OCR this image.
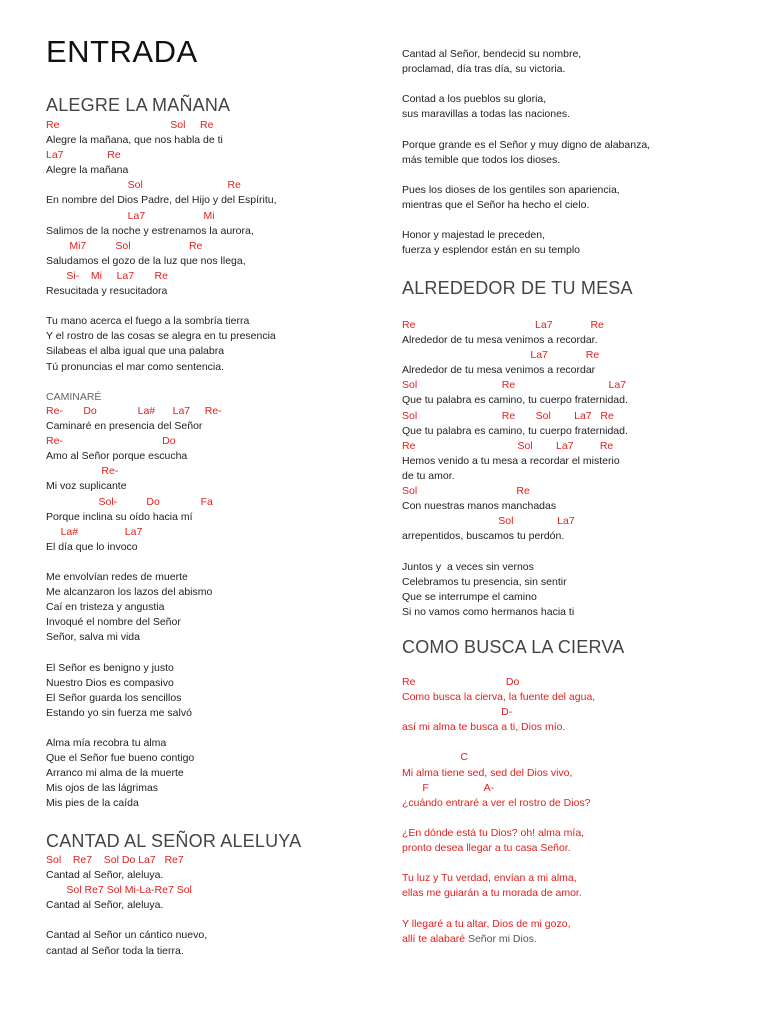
ENTRADA
ALEGRE LA MAÑANA
Re                                      Sol     Re
Alegre la mañana, que nos habla de ti
La7               Re
Alegre la mañana
Sol                             Re
En nombre del Dios Padre, del Hijo y del Espíritu,
La7                    Mi
Salimos de la noche y estrenamos la aurora,
Mi7          Sol                    Re
Saludamos el gozo de la luz que nos llega,
Si-    Mi     La7       Re
Resucitada y resucitadora
Tu mano acerca el fuego a la sombría tierra
Y el rostro de las cosas se alegra en tu presencia
Silabeas el alba igual que una palabra
Tú pronuncias el mar como sentencia.
CAMINARÉ
Re-       Do              La#      La7     Re-
Caminaré en presencia del Señor
Re-                                  Do
Amo al Señor porque escucha
Re-
Mi voz suplicante
Sol-          Do              Fa
Porque inclina su oído hacia mí
La#                La7
El día que lo invoco
Me envolvían redes de muerte
Me alcanzaron los lazos del abismo
Caí en tristeza y angustia
Invoqué el nombre del Señor
Señor, salva mi vida
El Señor es benigno y justo
Nuestro Dios es compasivo
El Señor guarda los sencillos
Estando yo sin fuerza me salvó
Alma mía recobra tu alma
Que el Señor fue bueno contigo
Arranco mi alma de la muerte
Mis ojos de las lágrimas
Mis pies de la caída
CANTAD AL SEÑOR ALELUYA
Sol    Re7    Sol Do La7   Re7
Cantad al Señor, aleluya.
Sol Re7 Sol Mi-La-Re7 Sol
Cantad al Señor, aleluya.
Cantad al Señor un cántico nuevo,
cantad al Señor toda la tierra.
Cantad al Señor, bendecid su nombre,
proclamad, día tras día, su victoria.
Contad a los pueblos su gloria,
sus maravillas a todas las naciones.
Porque grande es el Señor y muy digno de alabanza,
más temible que todos los dioses.
Pues los dioses de los gentiles son apariencia,
mientras que el Señor ha hecho el cielo.
Honor y majestad le preceden,
fuerza y esplendor están en su templo
ALREDEDOR DE TU MESA
Re                                         La7             Re
Alrededor de tu mesa venimos a recordar.
La7             Re
Alrededor de tu mesa venimos a recordar
Sol                             Re                                La7
Que tu palabra es camino, tu cuerpo fraternidad.
Sol                             Re       Sol        La7   Re
Que tu palabra es camino, tu cuerpo fraternidad.
Re                                   Sol        La7         Re
Hemos venido a tu mesa a recordar el misterio
de tu amor.
Sol                                  Re
Con nuestras manos manchadas
Sol               La7
arrepentidos, buscamos tu perdón.
Juntos y  a veces sin vernos
Celebramos tu presencia, sin sentir
Que se interrumpe el camino
Si no vamos como hermanos hacia ti
COMO BUSCA LA CIERVA
Re                               Do
Como busca la cierva, la fuente del agua,
D-
así mi alma te busca a ti, Dios mío.
C
Mi alma tiene sed, sed del Dios vivo,
F                   A-
¿cuándo entraré a ver el rostro de Dios?
¿En dónde está tu Dios? oh! alma mía,
pronto desea llegar a tu casa Señor.
Tu luz y Tu verdad, envían a mi alma,
ellas me guiarán a tu morada de amor.
Y llegaré a tu altar, Dios de mi gozo,
allí te alabaré Señor mi Dios.
